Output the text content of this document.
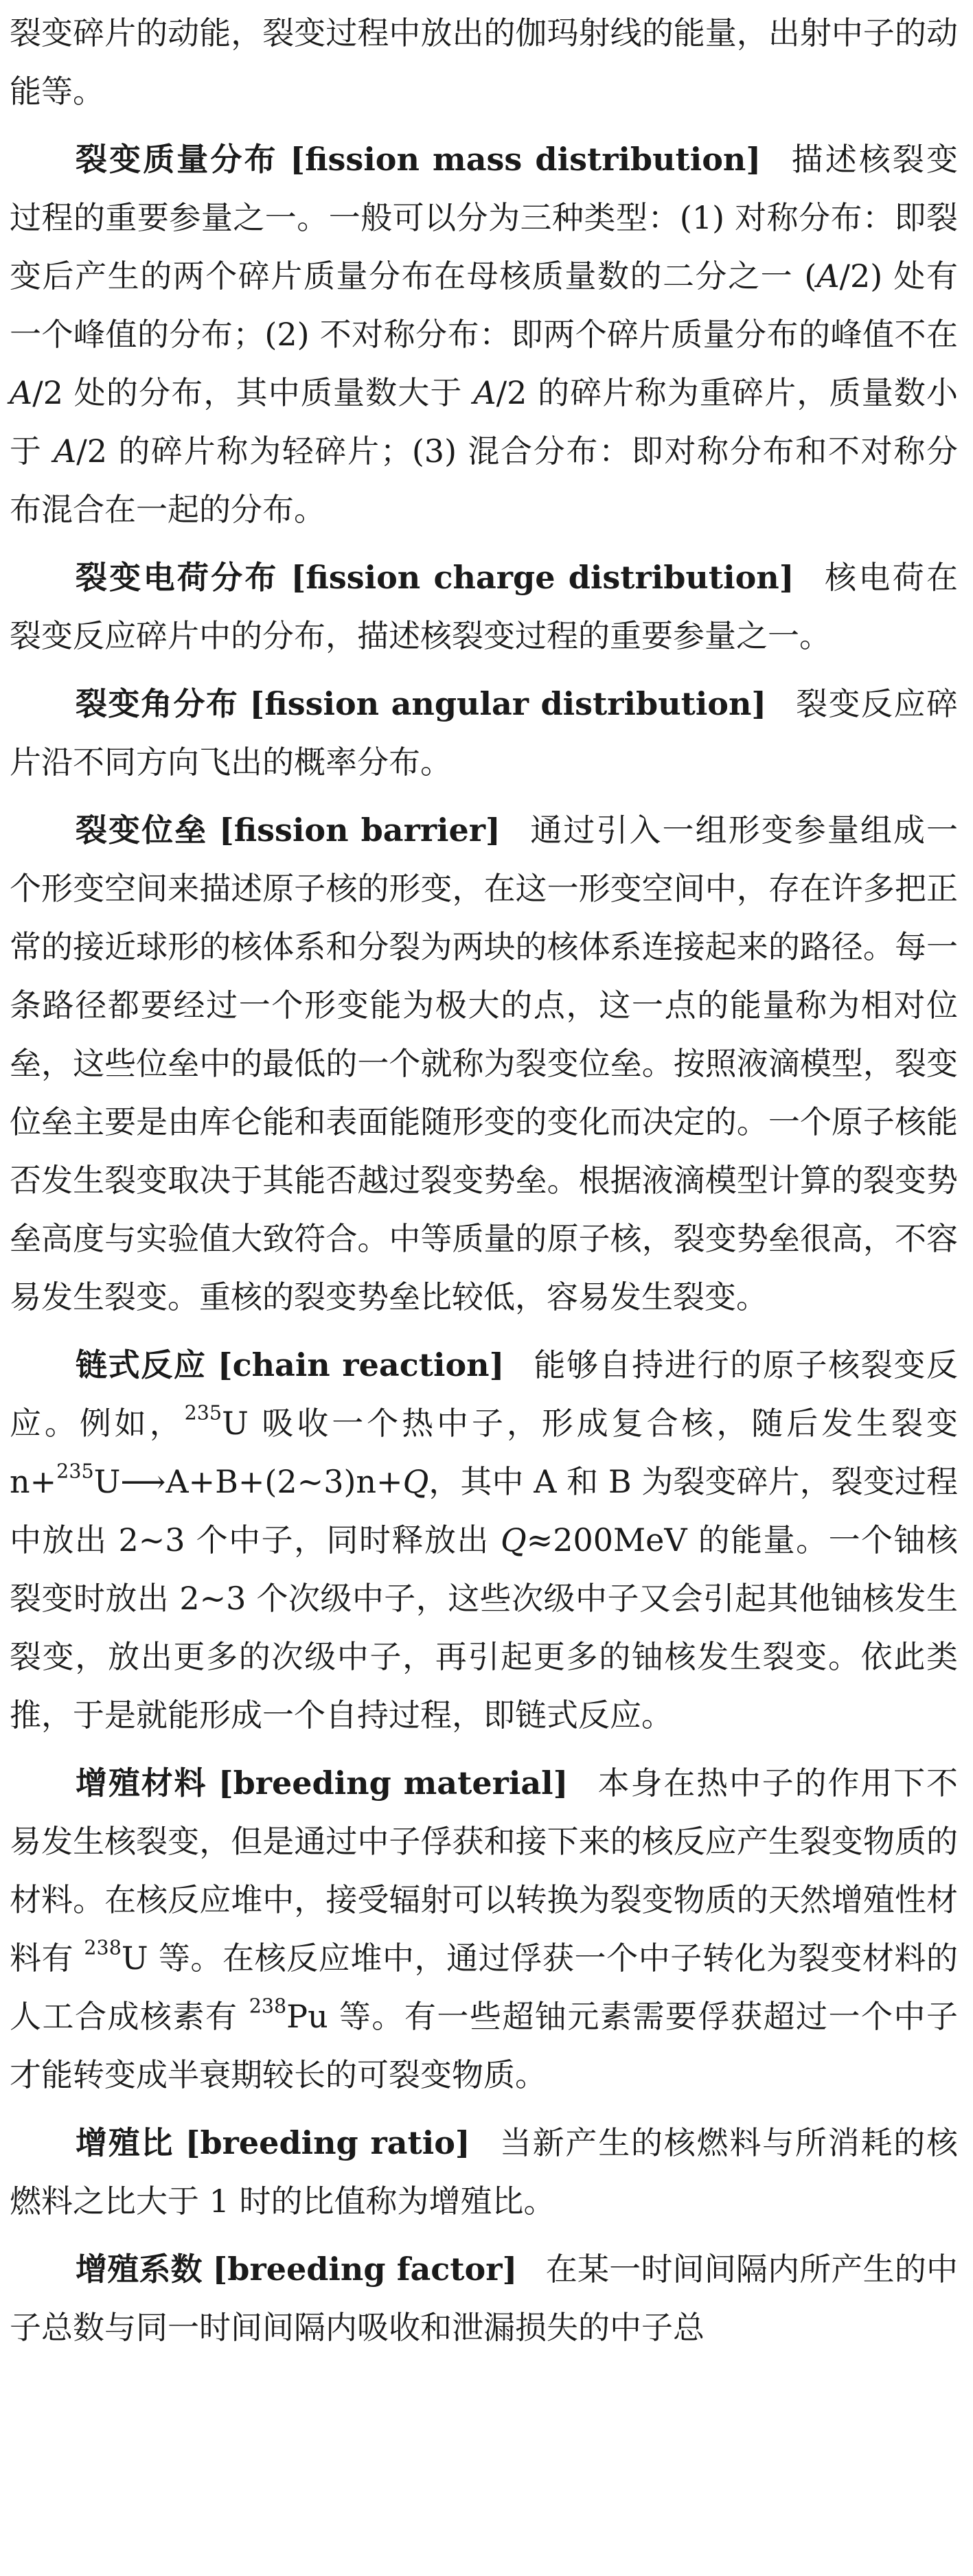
裂变碎片的动能，裂变过程中放出的伽玛射线的能量，出射中子的动能等。

裂变质量分布 [fission mass distribution] 描述核裂变过程的重要参量之一。一般可以分为三种类型：(1) 对称分布：即裂变后产生的两个碎片质量分布在母核质量数的二分之一 (A/2) 处有一个峰值的分布；(2) 不对称分布：即两个碎片质量分布的峰值不在 A/2 处的分布，其中质量数大于 A/2 的碎片称为重碎片，质量数小于 A/2 的碎片称为轻碎片；(3) 混合分布：即对称分布和不对称分布混合在一起的分布。

裂变电荷分布 [fission charge distribution] 核电荷在裂变反应碎片中的分布，描述核裂变过程的重要参量之一。

裂变角分布 [fission angular distribution] 裂变反应碎片沿不同方向飞出的概率分布。

裂变位垒 [fission barrier] 通过引入一组形变参量组成一个形变空间来描述原子核的形变，在这一形变空间中，存在许多把正常的接近球形的核体系和分裂为两块的核体系连接起来的路径。每一条路径都要经过一个形变能为极大的点，这一点的能量称为相对位垒，这些位垒中的最低的一个就称为裂变位垒。按照液滴模型，裂变位垒主要是由库仑能和表面能随形变的变化而决定的。一个原子核能否发生裂变取决于其能否越过裂变势垒。根据液滴模型计算的裂变势垒高度与实验值大致符合。中等质量的原子核，裂变势垒很高，不容易发生裂变。重核的裂变势垒比较低，容易发生裂变。

链式反应 [chain reaction] 能够自持进行的原子核裂变反应。例如，$^{235}$U 吸收一个热中子，形成复合核，随后发生裂变 n+$^{235}$U⟶A+B+(2~3)n+Q，其中 A 和 B 为裂变碎片，裂变过程中放出 2~3 个中子，同时释放出 Q≈200MeV 的能量。一个铀核裂变时放出 2~3 个次级中子，这些次级中子又会引起其他铀核发生裂变，放出更多的次级中子，再引起更多的铀核发生裂变。依此类推，于是就能形成一个自持过程，即链式反应。

增殖材料 [breeding material] 本身在热中子的作用下不易发生核裂变，但是通过中子俘获和接下来的核反应产生裂变物质的材料。在核反应堆中，接受辐射可以转换为裂变物质的天然增殖性材料有 $^{238}$U 等。在核反应堆中，通过俘获一个中子转化为裂变材料的人工合成核素有 $^{238}$Pu 等。有一些超铀元素需要俘获超过一个中子才能转变成半衰期较长的可裂变物质。

增殖比 [breeding ratio] 当新产生的核燃料与所消耗的核燃料之比大于 1 时的比值称为增殖比。

增殖系数 [breeding factor] 在某一时间间隔内所产生的中子总数与同一时间间隔内吸收和泄漏损失的中子总
